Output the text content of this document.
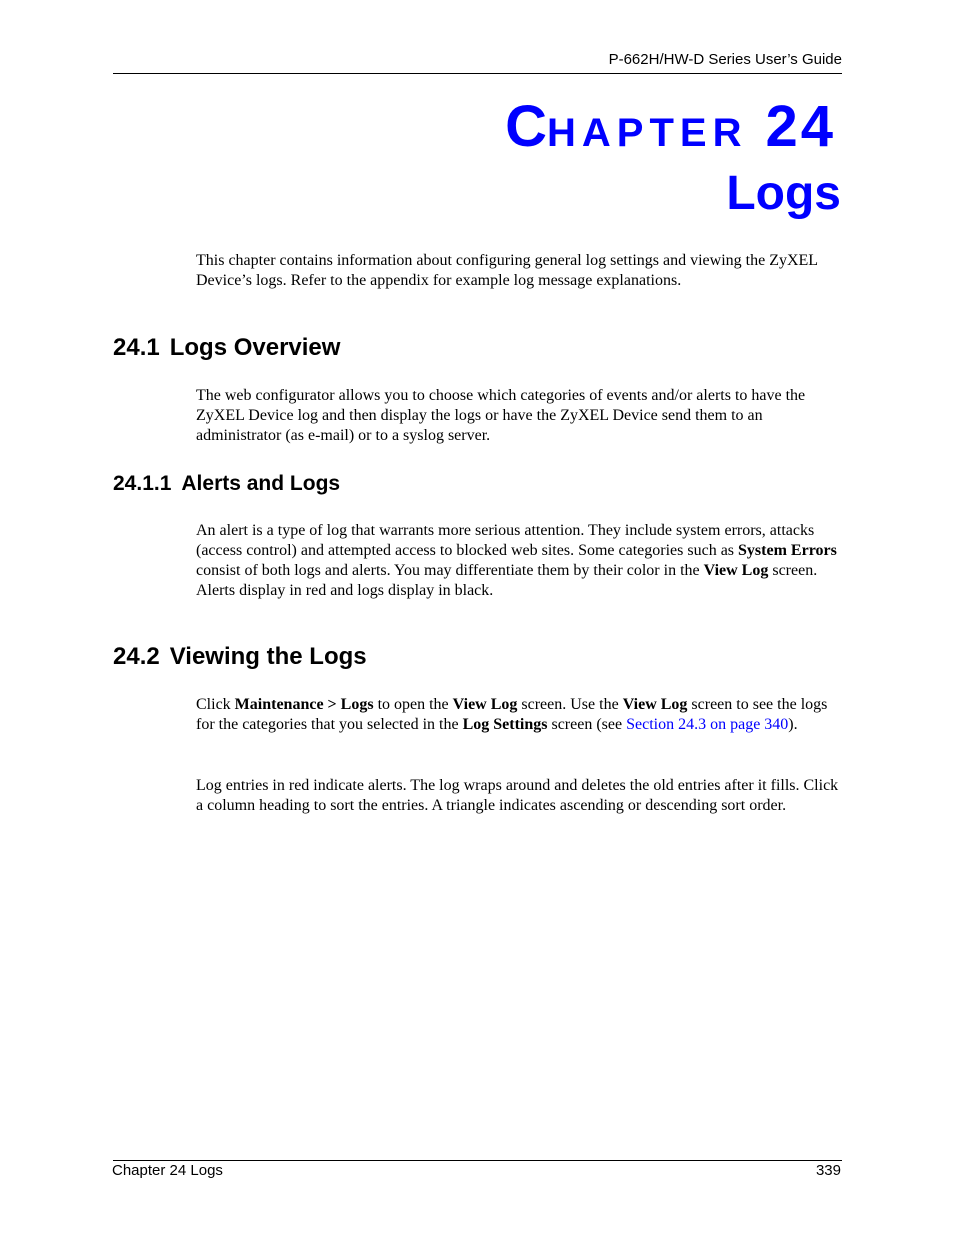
P-662H/HW-D Series User’s Guide
CHAPTER 24
Logs
This chapter contains information about configuring general log settings and viewing the ZyXEL Device’s logs. Refer to the appendix for example log message explanations.
24.1 Logs Overview
The web configurator allows you to choose which categories of events and/or alerts to have the ZyXEL Device log and then display the logs or have the ZyXEL Device send them to an administrator (as e-mail) or to a syslog server.
24.1.1 Alerts and Logs
An alert is a type of log that warrants more serious attention. They include system errors, attacks (access control) and attempted access to blocked web sites. Some categories such as System Errors consist of both logs and alerts. You may differentiate them by their color in the View Log screen. Alerts display in red and logs display in black.
24.2 Viewing the Logs
Click Maintenance > Logs to open the View Log screen. Use the View Log screen to see the logs for the categories that you selected in the Log Settings screen (see Section 24.3 on page 340).
Log entries in red indicate alerts. The log wraps around and deletes the old entries after it fills. Click a column heading to sort the entries. A triangle indicates ascending or descending sort order.
Chapter 24 Logs	339
